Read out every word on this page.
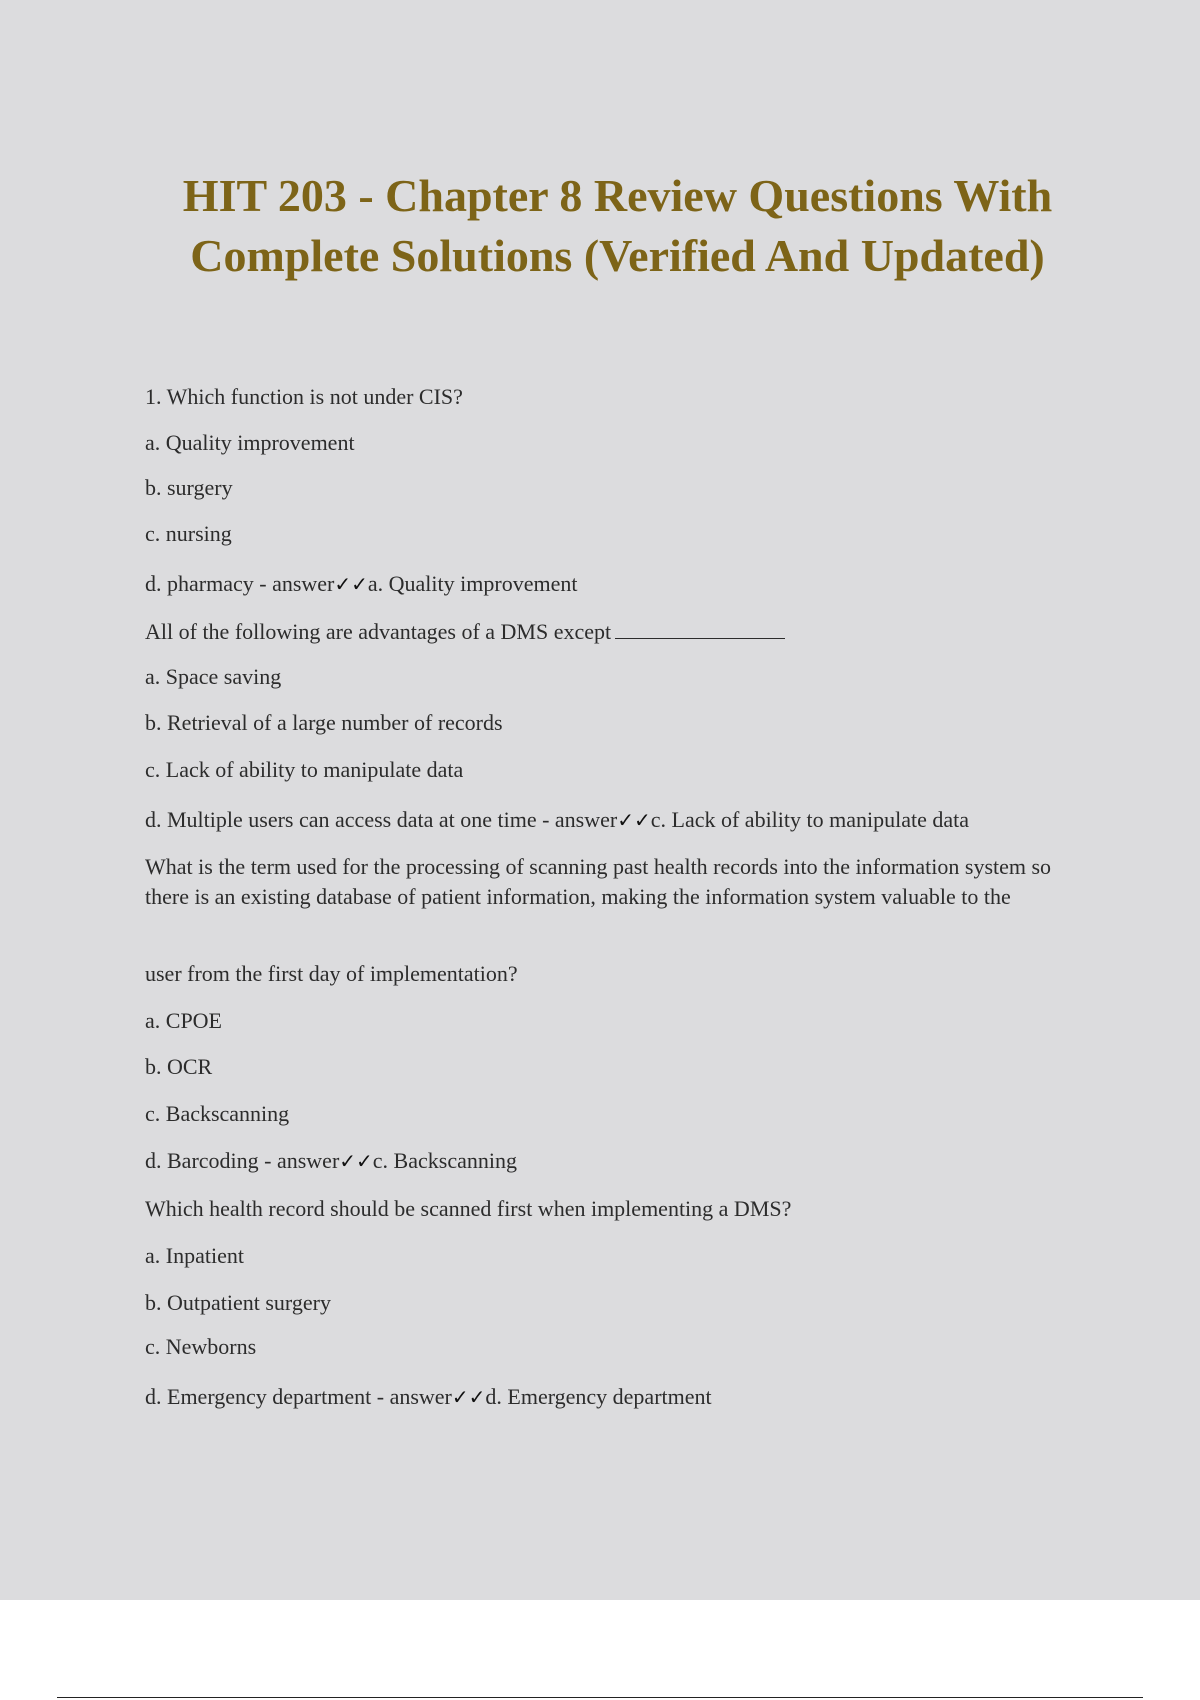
HIT 203 - Chapter 8 Review Questions With
Complete Solutions (Verified And Updated)

1. Which function is not under CIS?

a. Quality improvement

b. surgery

c. nursing

d. pharmacy - answer✓✓a. Quality improvement

All of the following are advantages of a DMS except

a. Space saving

b. Retrieval of a large number of records

c. Lack of ability to manipulate data

d. Multiple users can access data at one time - answer✓✓c. Lack of ability to manipulate data

What is the term used for the processing of scanning past health records into the information system so there is an existing database of patient information, making the information system valuable to the

user from the first day of implementation?

a. CPOE

b. OCR

c. Backscanning

d. Barcoding - answer✓✓c. Backscanning

Which health record should be scanned first when implementing a DMS?

a. Inpatient

b. Outpatient surgery

c. Newborns

d. Emergency department - answer✓✓d. Emergency department
